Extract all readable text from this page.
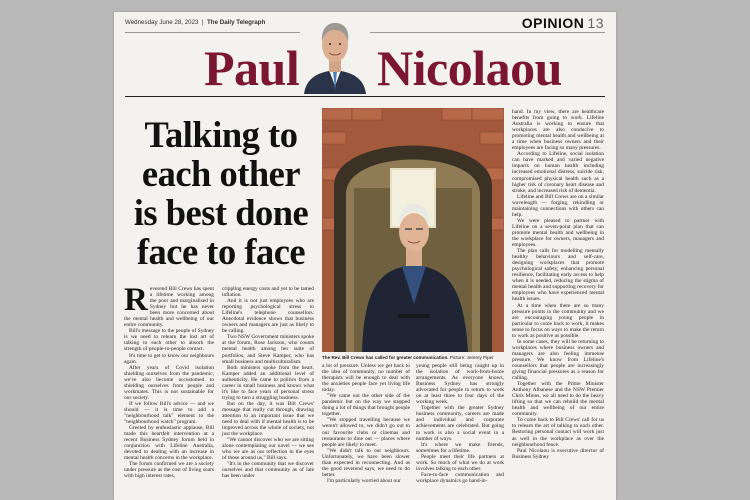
Wednesday June 28, 2023  |  The Daily Telegraph	OPINION 13
Paul Nicolaou
Talking to
each other
is best done
face to face
The Rev. Bill Crews has called for greater communication. Picture: Jeremy Piper

Reverend Bill Crews has spent a lifetime working among the poor and marginalised in Sydney but he has never been more concerned about the mental health and wellbeing of our entire community.

Bill's message to the people of Sydney is we need to relearn the lost art of talking to each other to absorb the strength of people-to-people contact.

It's time to get to know our neighbours again.

After years of Covid isolation shielding ourselves from the pandemic, we've also become accustomed to shielding ourselves from people and workmates. This is not sustainable for our society.

If we follow Bill's advice — and we should — it is time to add a "neighbourhood talk" element to the "neighbourhood watch" program.

Greeted by enthusiastic applause, Bill made this heartfelt intervention at a recent Business Sydney forum held in conjunction with Lifeline Australia, devoted to dealing with an increase in mental health concerns in the workplace.

The forum confirmed we are a society under pressure as the cost of living soars with high interest rates,

crippling energy costs and yet to be tamed inflation.

And it is not just employees who are reporting psychological stress to Lifeline's telephone counsellors. Anecdotal evidence shows that business owners and managers are just as likely to be calling.

Two NSW Government ministers spoke at the forum, Rose Jackson, who counts mental health among her suite of portfolios, and Steve Kamper, who has small business and multiculturalism.

Both ministers spoke from the heart. Kamper added an additional level of authenticity. He came to politics from a career in small business and knows what it's like to face years of personal stress trying to turn a struggling business.

But on the day, it was Bill Crews' message that really cut through, drawing attention to an important issue that we need to deal with if mental health is to be improved across the whole of society, not just the workplace.

"We cannot discover who we are sitting alone contemplating our navel — we see who we are as our reflection in the eyes of those around us," Bill says.

"It's in the community that we discover ourselves and that community as of late has been under

a lot of pressure. Unless we get back to the idea of community, no number of therapists will be enough to deal with the anxieties people face yet living life today.

"We came out the other side of the pandemic but on the way we stopped doing a lot of things that brought people together.

"We stopped travelling because we weren't allowed to, we didn't go out to our favourite clubs or cinemas and restaurants to dine out — places where people are likely to meet.

"We didn't talk to our neighbours. Unfortunately, we have been slower than expected in reconnecting. And as the good reverend says, we need to do better.

I'm particularly worried about our

young people still being caught up in the isolation of work-from-home arrangements. As everyone knows, Business Sydney has strongly advocated for people to return to work on at least three to four days of the working week.

Together with the greater Sydney business community, careers are made and individual and corporate achievements are celebrated. But going to work is also a social event in a number of ways.

It's where we make friends, sometimes for a lifetime.

People meet their life partners at work. So much of what we do at work involves talking to each other.

Face-to-face communication and workplace dynamics go hand-in-

hand. In my view, there are healthcare benefits from going to work. Lifeline Australia is working to ensure that workplaces are also conducive to promoting mental health and wellbeing at a time when business owners and their employees are facing so many pressures.

According to Lifeline, social isolation can have marked and varied negative impacts on human health including increased emotional distress, suicide risk, compromised physical health such as a higher risk of coronary heart disease and stroke, and increased risk of dementia.

Lifeline and Bill Crews are on a similar wavelength — forging, rekindling or maintaining connections with others can help.

We were pleased to partner with Lifeline on a seven-point plan that can promote mental health and wellbeing in the workplace for owners, managers and employees.

The plan calls for modelling mentally healthy behaviours and self-care, designing workplaces that promote psychological safety, enhancing personal resilience, facilitating early access to help when it is needed, reducing the stigma of mental health and supporting recovery for employees who have experienced mental health issues.

At a time when there are so many pressure points in the community and we are encouraging young people in particular to come back to work, it makes sense to focus on ways to make the return to work as positive as possible.

In some cases, they will be returning to workplaces where business owners and managers are also feeling immense pressure. We know from Lifeline's counsellors that people are increasingly giving financial pressures as a reason for calling.

Together with the Prime Minister Anthony Albanese and the NSW Premier Chris Minns, we all need to do the heavy lifting so that we can rebuild the mental health and wellbeing of our entire community.

To come back to Bill Crews' call for us to relearn the art of talking to each other. Restoring personal contact will work just as well in the workplace as over the neighbourhood fence.

Paul Nicolaou is executive director of Business Sydney
